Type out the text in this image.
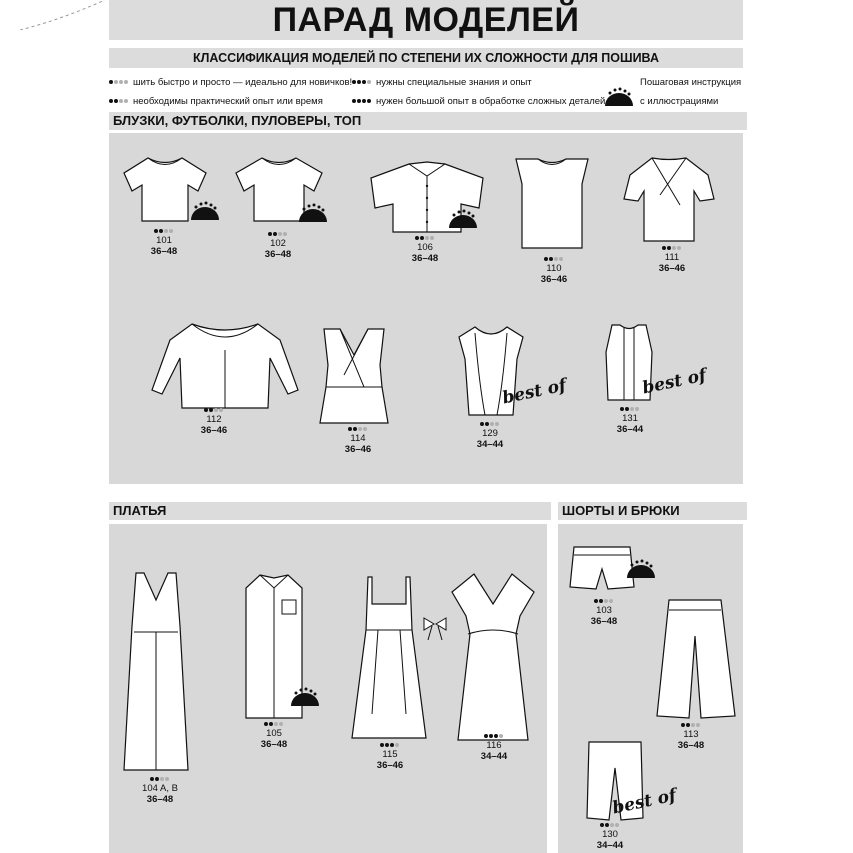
ПАРАД МОДЕЛЕЙ
КЛАССИФИКАЦИЯ МОДЕЛЕЙ ПО СТЕПЕНИ ИХ СЛОЖНОСТИ ДЛЯ ПОШИВА
шить быстро и просто — идеально для новичков!
необходимы практический опыт или время
нужны специальные знания и опыт
нужен большой опыт в обработке сложных деталей
Пошаговая инструкция
с иллюстрациями
БЛУЗКИ, ФУТБОЛКИ, ПУЛОВЕРЫ, ТОП
ПЛАТЬЯ	ШОРТЫ И БРЮКИ
best of	best of
best of
101
36–48
102
36–48
106
36–48
110
36–46
111
36–46
112
36–46
114
36–46
129
34–44
131
36–44
104 A, B
36–48
105
36–48
115
36–46
116
34–44
103
36–48
113
36–48
130
34–44
